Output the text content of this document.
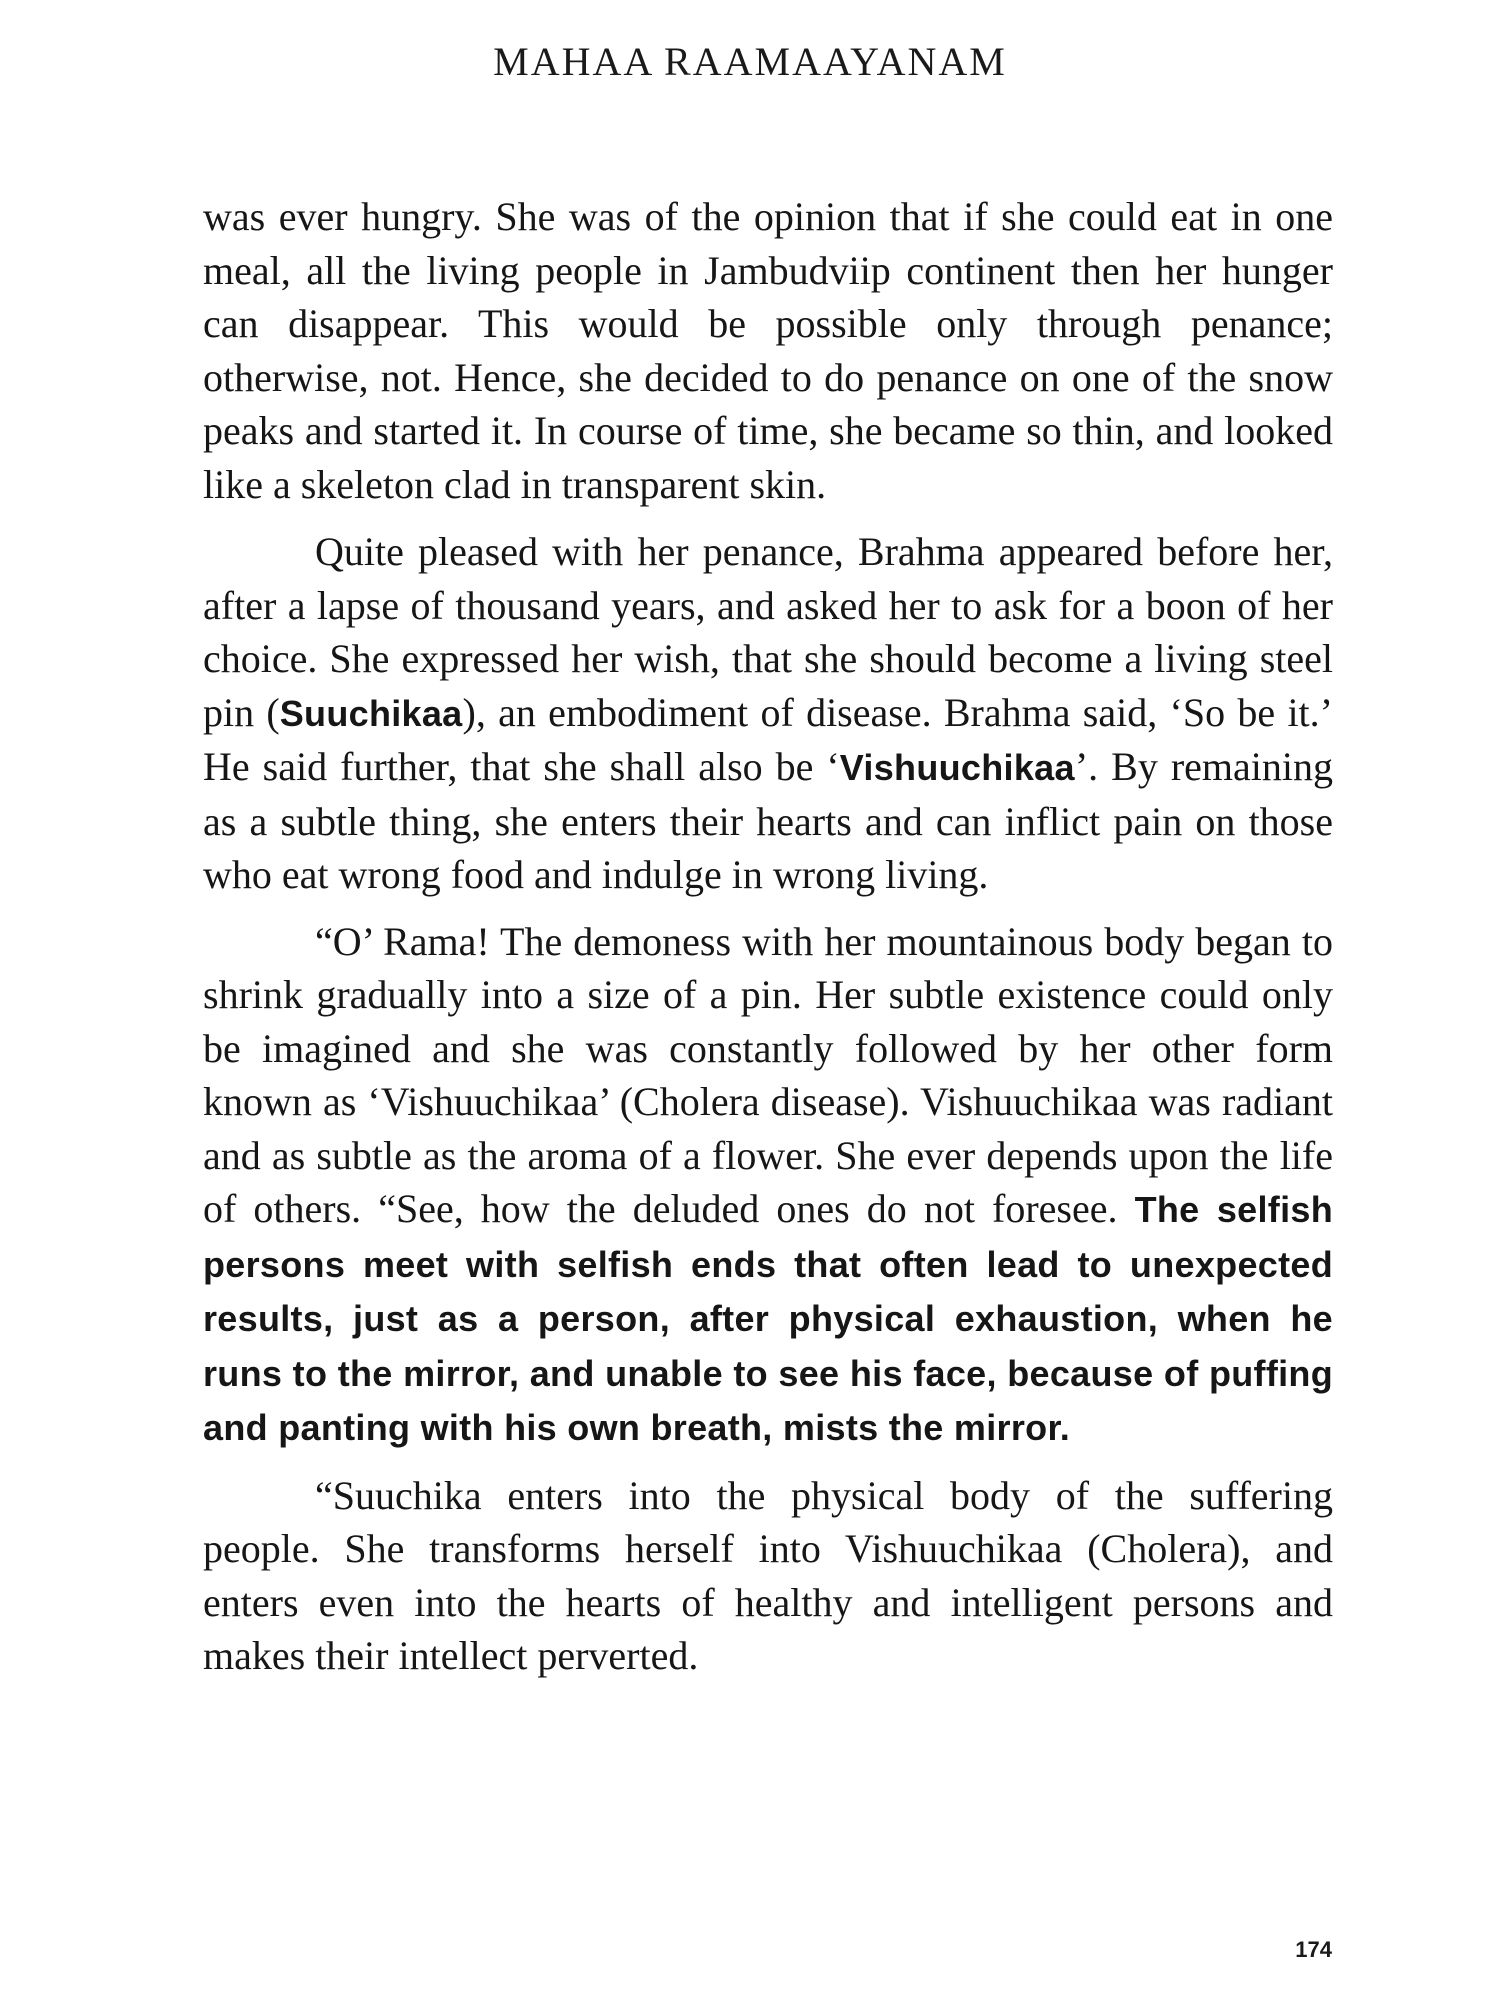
MAHAA RAAMAAYANAM

was ever hungry. She was of the opinion that if she could eat in one meal, all the living people in Jambudviip continent then her hunger can disappear. This would be possible only through penance; otherwise, not. Hence, she decided to do penance on one of the snow peaks and started it. In course of time, she became so thin, and looked like a skeleton clad in transparent skin.

Quite pleased with her penance, Brahma appeared before her, after a lapse of thousand years, and asked her to ask for a boon of her choice. She expressed her wish, that she should become a living steel pin (Suuchikaa), an embodiment of disease. Brahma said, ‘So be it.’ He said further, that she shall also be ‘Vishuuchikaa’. By remaining as a subtle thing, she enters their hearts and can inflict pain on those who eat wrong food and indulge in wrong living.

“O’ Rama! The demoness with her mountainous body began to shrink gradually into a size of a pin. Her subtle existence could only be imagined and she was constantly followed by her other form known as ‘Vishuuchikaa’ (Cholera disease). Vishuuchikaa was radiant and as subtle as the aroma of a flower. She ever depends upon the life of others. “See, how the deluded ones do not foresee. The selfish persons meet with selfish ends that often lead to unexpected results, just as a person, after physical exhaustion, when he runs to the mirror, and unable to see his face, because of puffing and panting with his own breath, mists the mirror.

“Suuchika enters into the physical body of the suffering people. She transforms herself into Vishuuchikaa (Cholera), and enters even into the hearts of healthy and intelligent persons and makes their intellect perverted.

174
